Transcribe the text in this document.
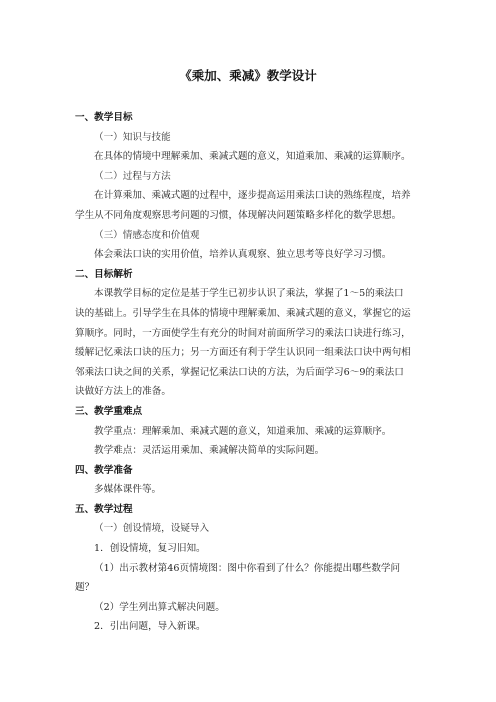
《乘加、乘减》教学设计
一、教学目标
（一）知识与技能
在具体的情境中理解乘加、乘减式题的意义，知道乘加、乘减的运算顺序。
（二）过程与方法
在计算乘加、乘减式题的过程中，逐步提高运用乘法口诀的熟练程度，培养
学生从不同角度观察思考问题的习惯，体现解决问题策略多样化的数学思想。
（三）情感态度和价值观
体会乘法口诀的实用价值，培养认真观察、独立思考等良好学习习惯。
二、目标解析
本课教学目标的定位是基于学生已初步认识了乘法，掌握了1～5的乘法口
诀的基础上。引导学生在具体的情境中理解乘加、乘减式题的意义，掌握它的运
算顺序。同时，一方面使学生有充分的时间对前面所学习的乘法口诀进行练习，
缓解记忆乘法口诀的压力；另一方面还有利于学生认识同一组乘法口诀中两句相
邻乘法口诀之间的关系，掌握记忆乘法口诀的方法，为后面学习6～9的乘法口
诀做好方法上的准备。
三、教学重难点
教学重点：理解乘加、乘减式题的意义，知道乘加、乘减的运算顺序。
教学难点：灵活运用乘加、乘减解决简单的实际问题。
四、教学准备
多媒体课件等。
五、教学过程
（一）创设情境，设疑导入
1．创设情境，复习旧知。
（1）出示教材第46页情境图：图中你看到了什么？你能提出哪些数学问
题？
（2）学生列出算式解决问题。
2．引出问题，导入新课。
